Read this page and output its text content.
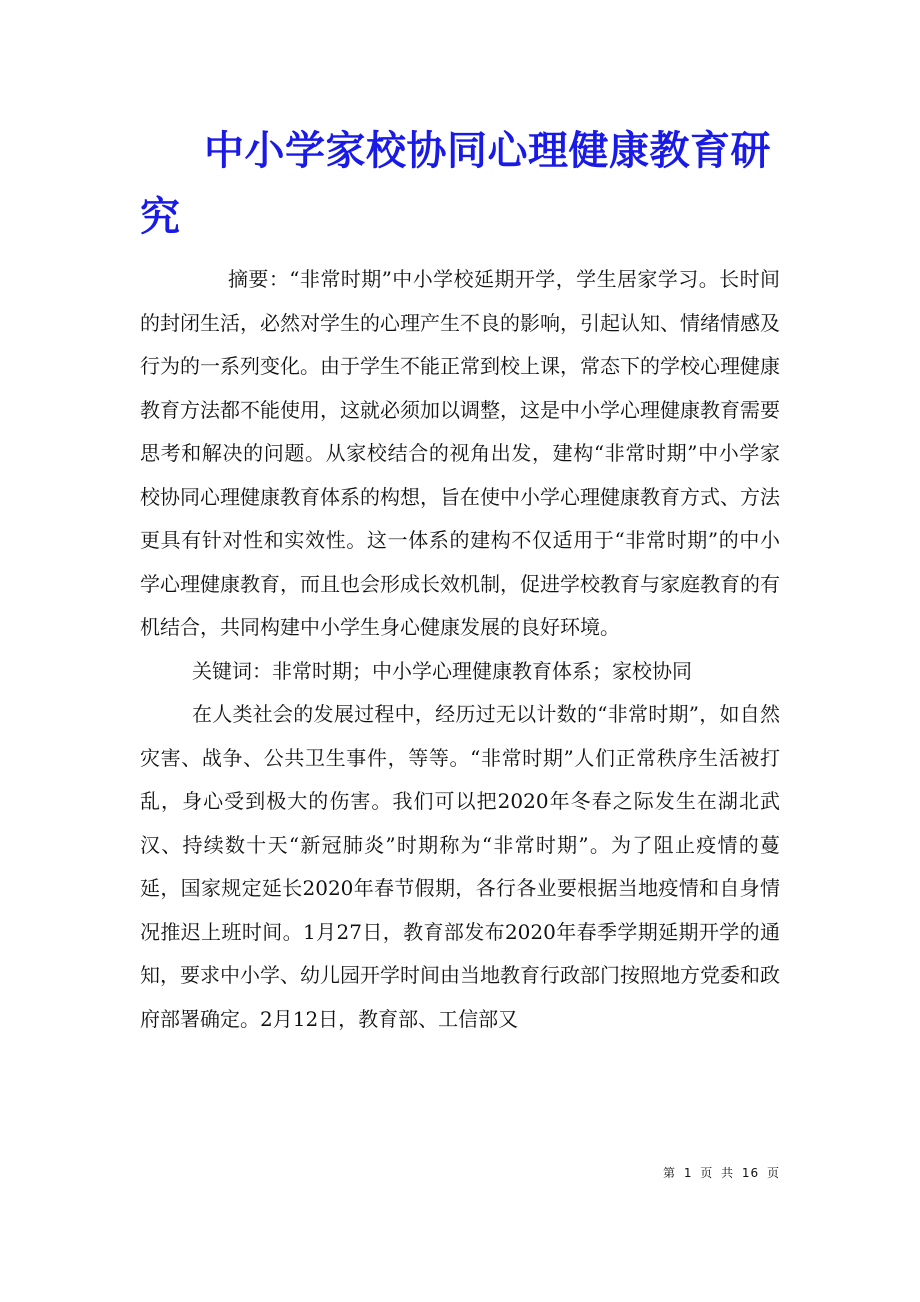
中小学家校协同心理健康教育研究

摘要：“非常时期”中小学校延期开学，学生居家学习。长时间的封闭生活，必然对学生的心理产生不良的影响，引起认知、情绪情感及行为的一系列变化。由于学生不能正常到校上课，常态下的学校心理健康教育方法都不能使用，这就必须加以调整，这是中小学心理健康教育需要思考和解决的问题。从家校结合的视角出发，建构“非常时期”中小学家校协同心理健康教育体系的构想，旨在使中小学心理健康教育方式、方法更具有针对性和实效性。这一体系的建构不仅适用于“非常时期”的中小学心理健康教育，而且也会形成长效机制，促进学校教育与家庭教育的有机结合，共同构建中小学生身心健康发展的良好环境。

关键词：非常时期；中小学心理健康教育体系；家校协同

在人类社会的发展过程中，经历过无以计数的“非常时期”，如自然灾害、战争、公共卫生事件，等等。“非常时期”人们正常秩序生活被打乱，身心受到极大的伤害。我们可以把2020年冬春之际发生在湖北武汉、持续数十天“新冠肺炎”时期称为“非常时期”。为了阻止疫情的蔓延，国家规定延长2020年春节假期，各行各业要根据当地疫情和自身情况推迟上班时间。1月27日，教育部发布2020年春季学期延期开学的通知，要求中小学、幼儿园开学时间由当地教育行政部门按照地方党委和政府部署确定。2月12日，教育部、工信部又

第 1 页 共 16 页
